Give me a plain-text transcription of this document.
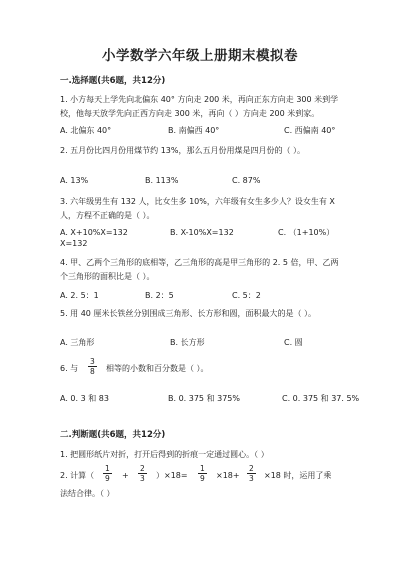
小学数学六年级上册期末模拟卷
一.选择题(共6题，共12分)
1. 小方每天上学先向北偏东 40° 方向走 200 米，再向正东方向走 300 米到学
校，他每天放学先向正西方向走 300 米，再向（ ）方向走 200 米到家。
A. 北偏东 40°	B. 南偏西 40°	C. 西偏南 40°
2. 五月份比四月份用煤节约 13%，那么五月份用煤是四月份的（ ）。
A. 13%	B. 113%	C. 87%
3. 六年级男生有 132 人，比女生多 10%，六年级有女生多少人？设女生有 X
人，方程不正确的是（ ）。
A. X+10%X=132	B. X-10%X=132	C. （1+10%）
X=132
4. 甲、乙两个三角形的底相等，乙三角形的高是甲三角形的 2. 5 倍，甲、乙两
个三角形的面积比是（ ）。
A. 2. 5：1	B. 2：5	C. 5：2
5. 用 40 厘米长铁丝分别围成三角形、长方形和圆，面积最大的是（ ）。
A. 三角形	B. 长方形	C. 圆
6. 与 $\frac{3}{8}$ 相等的小数和百分数是（ ）。
A. 0. 3 和 83	B. 0. 375 和 375%	C. 0. 375 和 37. 5%
二.判断题(共6题，共12分)
1. 把圆形纸片对折，打开后得到的折痕一定通过圆心。（ ）
2. 计算（ $\frac{1}{9} + \frac{2}{3} )\times 18= \frac{1}{9} \times 18+ \frac{2}{3} \times 18$ 时，运用了乘
法结合律。（ ）
